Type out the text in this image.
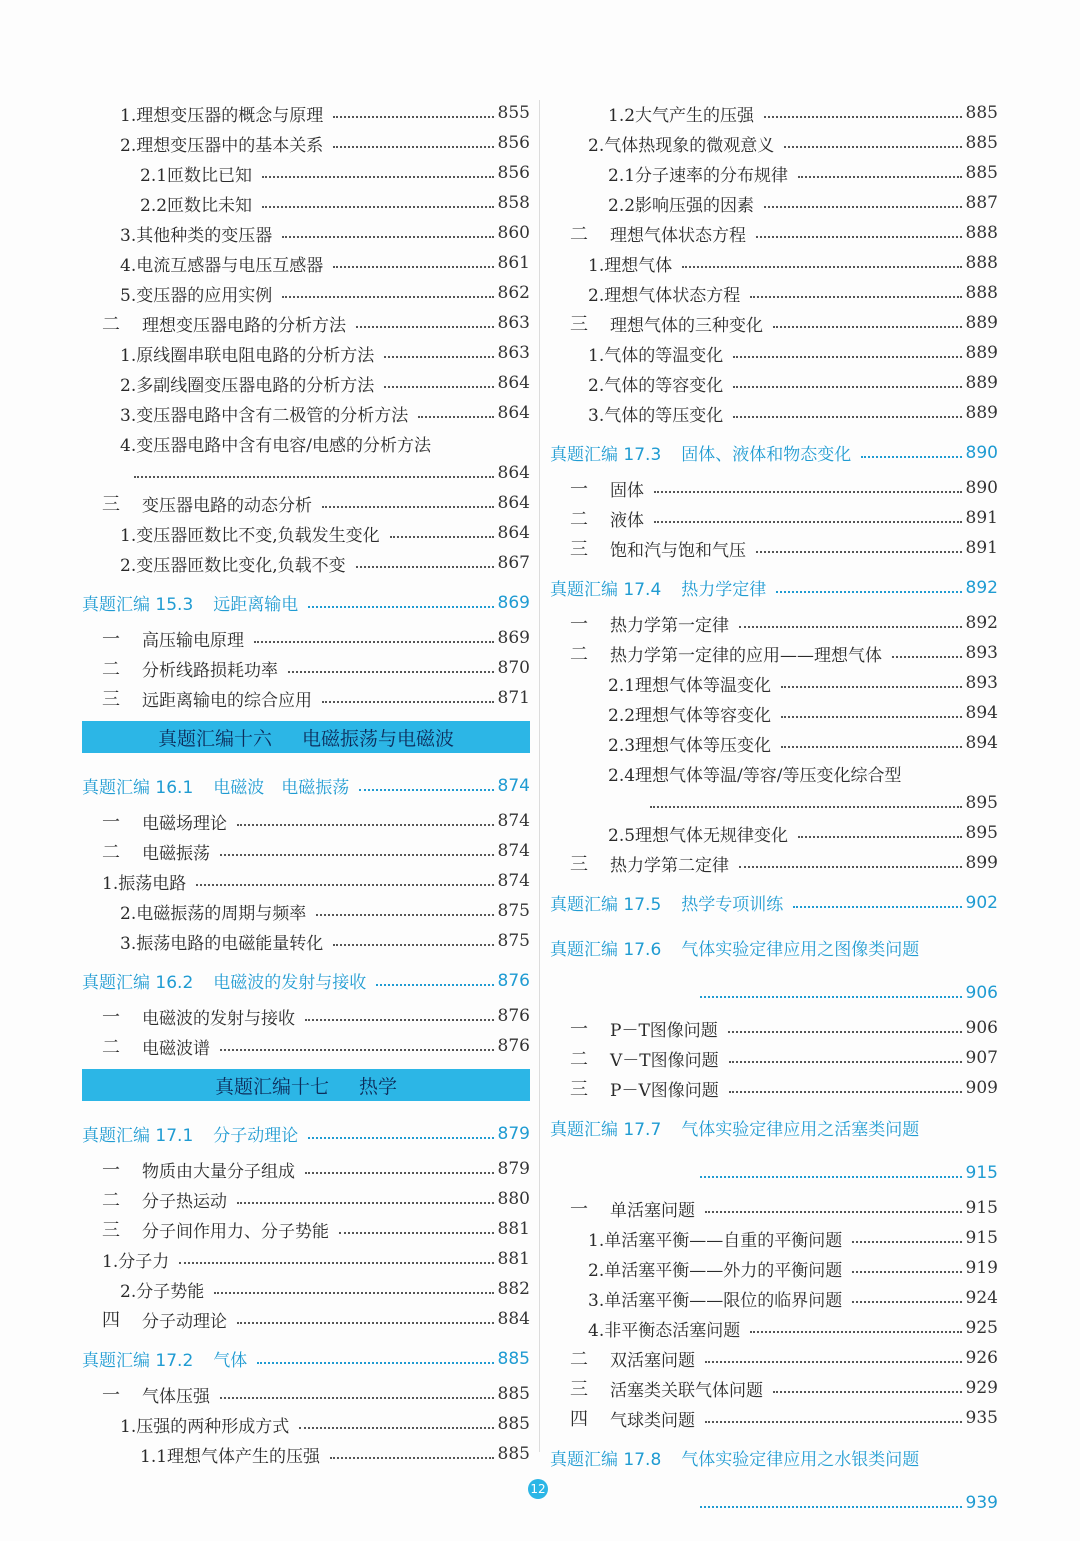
1.理想变压器的概念与原理	855
2.理想变压器中的基本关系	856
2.1匝数比已知	856
2.2匝数比未知	858
3.其他种类的变压器	860
4.电流互感器与电压互感器	861
5.变压器的应用实例	862
二	理想变压器电路的分析方法	863
1.原线圈串联电阻电路的分析方法	863
2.多副线圈变压器电路的分析方法	864
3.变压器电路中含有二极管的分析方法	864
4.变压器电路中含有电容/电感的分析方法
864
三	变压器电路的动态分析	864
1.变压器匝数比不变,负载发生变化	864
2.变压器匝数比变化,负载不变	867
真题汇编 15.3 远距离输电	869
一	高压输电原理	869
二	分析线路损耗功率	870
三	远距离输电的综合应用	871
真题汇编十六 电磁振荡与电磁波
真题汇编 16.1 电磁波　电磁振荡	874
一	电磁场理论	874
二	电磁振荡	874
1.振荡电路	874
2.电磁振荡的周期与频率	875
3.振荡电路的电磁能量转化	875
真题汇编 16.2 电磁波的发射与接收	876
一	电磁波的发射与接收	876
二	电磁波谱	876
真题汇编十七 热学
真题汇编 17.1 分子动理论	879
一	物质由大量分子组成	879
二	分子热运动	880
三	分子间作用力、分子势能	881
1.分子力	881
2.分子势能	882
四	分子动理论	884
真题汇编 17.2 气体	885
一	气体压强	885
1.压强的两种形成方式	885
1.1理想气体产生的压强	885
1.2大气产生的压强	885
2.气体热现象的微观意义	885
2.1分子速率的分布规律	885
2.2影响压强的因素	887
二	理想气体状态方程	888
1.理想气体	888
2.理想气体状态方程	888
三	理想气体的三种变化	889
1.气体的等温变化	889
2.气体的等容变化	889
3.气体的等压变化	889
真题汇编 17.3 固体、液体和物态变化	890
一	固体	890
二	液体	891
三	饱和汽与饱和气压	891
真题汇编 17.4 热力学定律	892
一	热力学第一定律	892
二	热力学第一定律的应用——理想气体	893
2.1理想气体等温变化	893
2.2理想气体等容变化	894
2.3理想气体等压变化	894
2.4理想气体等温/等容/等压变化综合型
895
2.5理想气体无规律变化	895
三	热力学第二定律	899
真题汇编 17.5 热学专项训练	902
真题汇编 17.6 气体实验定律应用之图像类问题
906
一	P－T图像问题	906
二	V－T图像问题	907
三	P－V图像问题	909
真题汇编 17.7 气体实验定律应用之活塞类问题
915
一	单活塞问题	915
1.单活塞平衡——自重的平衡问题	915
2.单活塞平衡——外力的平衡问题	919
3.单活塞平衡——限位的临界问题	924
4.非平衡态活塞问题	925
二	双活塞问题	926
三	活塞类关联气体问题	929
四	气球类问题	935
真题汇编 17.8 气体实验定律应用之水银类问题
939
12
